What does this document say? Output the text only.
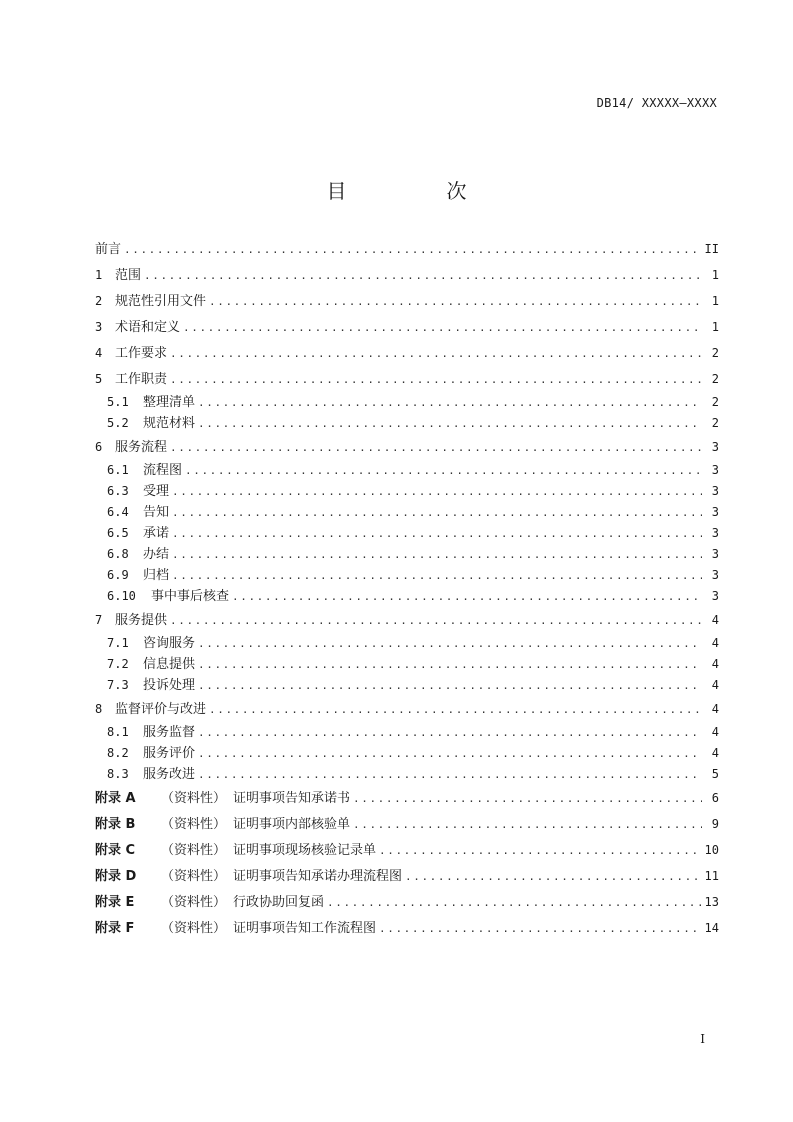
DB14/ XXXXX—XXXX
目　次
前言 .....	II
1 范围 .....	1
2 规范性引用文件 .....	1
3 术语和定义 .....	1
4 工作要求 .....	2
5 工作职责 .....	2
5.1	整理清单 .....	2
5.2	规范材料 .....	2
6 服务流程 .....	3
6.1	流程图 .....	3
6.3	受理 .....	3
6.4	告知 .....	3
6.5	承诺 .....	3
6.8	办结 .....	3
6.9	归档 .....	3
6.10	事中事后核查 .....	3
7 服务提供 .....	4
7.1	咨询服务 .....	4
7.2	信息提供 .....	4
7.3	投诉处理 .....	4
8 监督评价与改进 .....	4
8.1	服务监督 .....	4
8.2	服务评价 .....	4
8.3	服务改进 .....	5
附录 A	（资料性） 证明事项告知承诺书 .....	6
附录 B	（资料性） 证明事项内部核验单 .....	9
附录 C	（资料性） 证明事项现场核验记录单 .....	10
附录 D	（资料性） 证明事项告知承诺办理流程图 .....	11
附录 E	（资料性） 行政协助回复函 .....	13
附录 F	（资料性） 证明事项告知工作流程图 .....	14
I
